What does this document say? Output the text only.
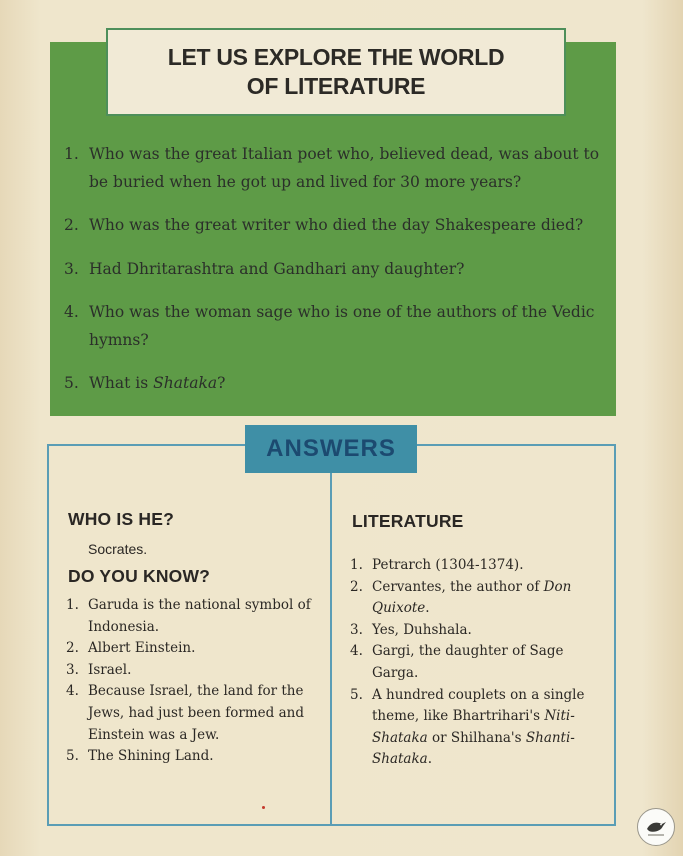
LET US EXPLORE THE WORLD
OF LITERATURE
1. Who was the great Italian poet who, believed dead, was about to be buried when he got up and lived for 30 more years?
2. Who was the great writer who died the day Shakespeare died?
3. Had Dhritarashtra and Gandhari any daughter?
4. Who was the woman sage who is one of the authors of the Vedic hymns?
5. What is Shataka?
ANSWERS
WHO IS HE?
Socrates.
DO YOU KNOW?
1. Garuda is the national symbol of Indonesia.
2. Albert Einstein.
3. Israel.
4. Because Israel, the land for the Jews, had just been formed and Einstein was a Jew.
5. The Shining Land.
LITERATURE
1. Petrarch (1304-1374).
2. Cervantes, the author of Don Quixote.
3. Yes, Duhshala.
4. Gargi, the daughter of Sage Garga.
5. A hundred couplets on a single theme, like Bhartrihari's Niti-Shataka or Shilhana's Shanti-Shataka.
